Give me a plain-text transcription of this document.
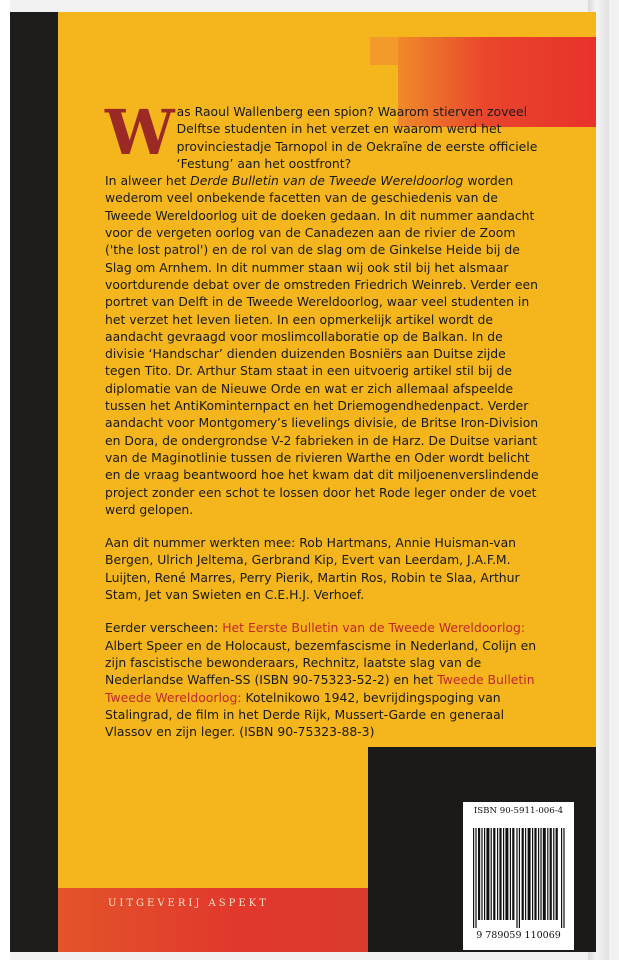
Was Raoul Wallenberg een spion? Waarom stierven zoveel Delftse studenten in het verzet en waarom werd het provinciestadje Tarnopol in de Oekraïne de eerste officiele ‘Festung’ aan het oostfront?

In alweer het Derde Bulletin van de Tweede Wereldoorlog worden wederom veel onbekende facetten van de geschiedenis van de Tweede Wereldoorlog uit de doeken gedaan. In dit nummer aandacht voor de vergeten oorlog van de Canadezen aan de rivier de Zoom ('the lost patrol') en de rol van de slag om de Ginkelse Heide bij de Slag om Arnhem. In dit nummer staan wij ook stil bij het alsmaar voortdurende debat over de omstreden Friedrich Weinreb. Verder een portret van Delft in de Tweede Wereldoorlog, waar veel studenten in het verzet het leven lieten. In een opmerkelijk artikel wordt de aandacht gevraagd voor moslimcollaboratie op de Balkan. In de divisie ‘Handschar’ dienden duizenden Bosniërs aan Duitse zijde tegen Tito. Dr. Arthur Stam staat in een uitvoerig artikel stil bij de diplomatie van de Nieuwe Orde en wat er zich allemaal afspeelde tussen het AntiKominternpact en het Driemogendhedenpact. Verder aandacht voor Montgomery’s lievelings divisie, de Britse Iron-Division en Dora, de ondergrondse V-2 fabrieken in de Harz. De Duitse variant van de Maginotlinie tussen de rivieren Warthe en Oder wordt belicht en de vraag beantwoord hoe het kwam dat dit miljoenenverslindende project zonder een schot te lossen door het Rode leger onder de voet werd gelopen.

Aan dit nummer werkten mee: Rob Hartmans, Annie Huisman-van Bergen, Ulrich Jeltema, Gerbrand Kip, Evert van Leerdam, J.A.F.M. Luijten, René Marres, Perry Pierik, Martin Ros, Robin te Slaa, Arthur Stam, Jet van Swieten en C.E.H.J. Verhoef.

Eerder verscheen: Het Eerste Bulletin van de Tweede Wereldoorlog: Albert Speer en de Holocaust, bezemfascisme in Nederland, Colijn en zijn fascistische bewonderaars, Rechnitz, laatste slag van de Nederlandse Waffen-SS (ISBN 90-75323-52-2) en het Tweede Bulletin Tweede Wereldoorlog: Kotelnikowo 1942, bevrijdingspoging van Stalingrad, de film in het Derde Rijk, Mussert-Garde en generaal Vlassov en zijn leger. (ISBN 90-75323-88-3)

UITGEVERIJ ASPEKT
ISBN 90-5911-006-4
9 789059 110069
